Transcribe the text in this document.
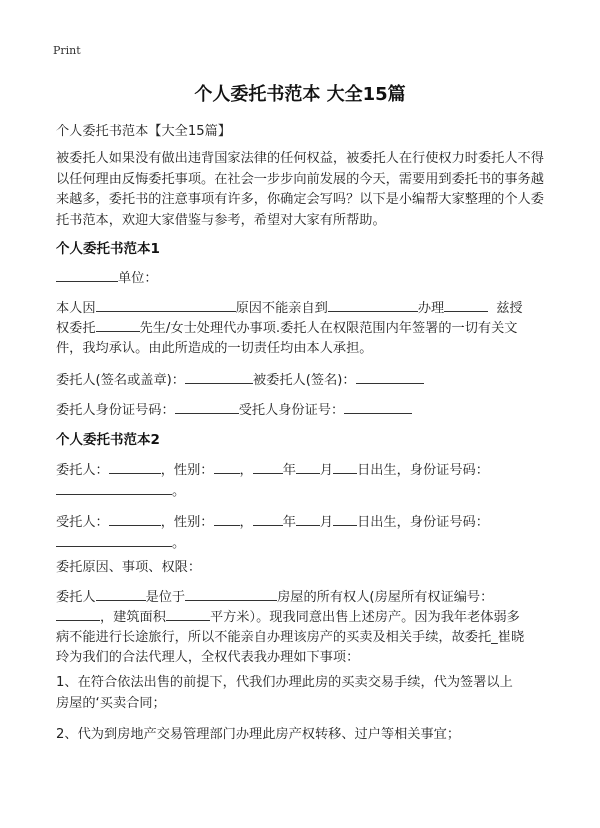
Print
个人委托书范本 大全15篇
个人委托书范本【大全15篇】
被委托人如果没有做出违背国家法律的任何权益，被委托人在行使权力时委托人不得以任何理由反悔委托事项。在社会一步步向前发展的今天，需要用到委托书的事务越来越多，委托书的注意事项有许多，你确定会写吗？以下是小编帮大家整理的个人委托书范本，欢迎大家借鉴与参考，希望对大家有所帮助。
个人委托书范本1
单位：
本人因	原因不能亲自到	办理	兹授
权委托	先生/女士处理代办事项.委托人在权限范围内年签署的一切有关文
件，我均承认。由此所造成的一切责任均由本人承担。
委托人(签名或盖章)：	被委托人(签名)：
委托人身份证号码：	受托人身份证号：
个人委托书范本2
委托人：	，性别： ， 年 月 日出生，身份证号码：
。
受托人：	，性别： ， 年 月 日出生，身份证号码：
。
委托原因、事项、权限：
委托人	是位于	房屋的所有权人(房屋所有权证编号：
，建筑面积	平方米）。现我同意出售上述房产。因为我年老体弱多
病不能进行长途旅行，所以不能亲自办理该房产的买卖及相关手续，故委托_崔晓
玲为我们的合法代理人，全权代表我办理如下事项：
1、在符合依法出售的前提下，代我们办理此房的买卖交易手续，代为签署以上房屋的‘买卖合同；
2、代为到房地产交易管理部门办理此房产权转移、过户等相关事宜；
